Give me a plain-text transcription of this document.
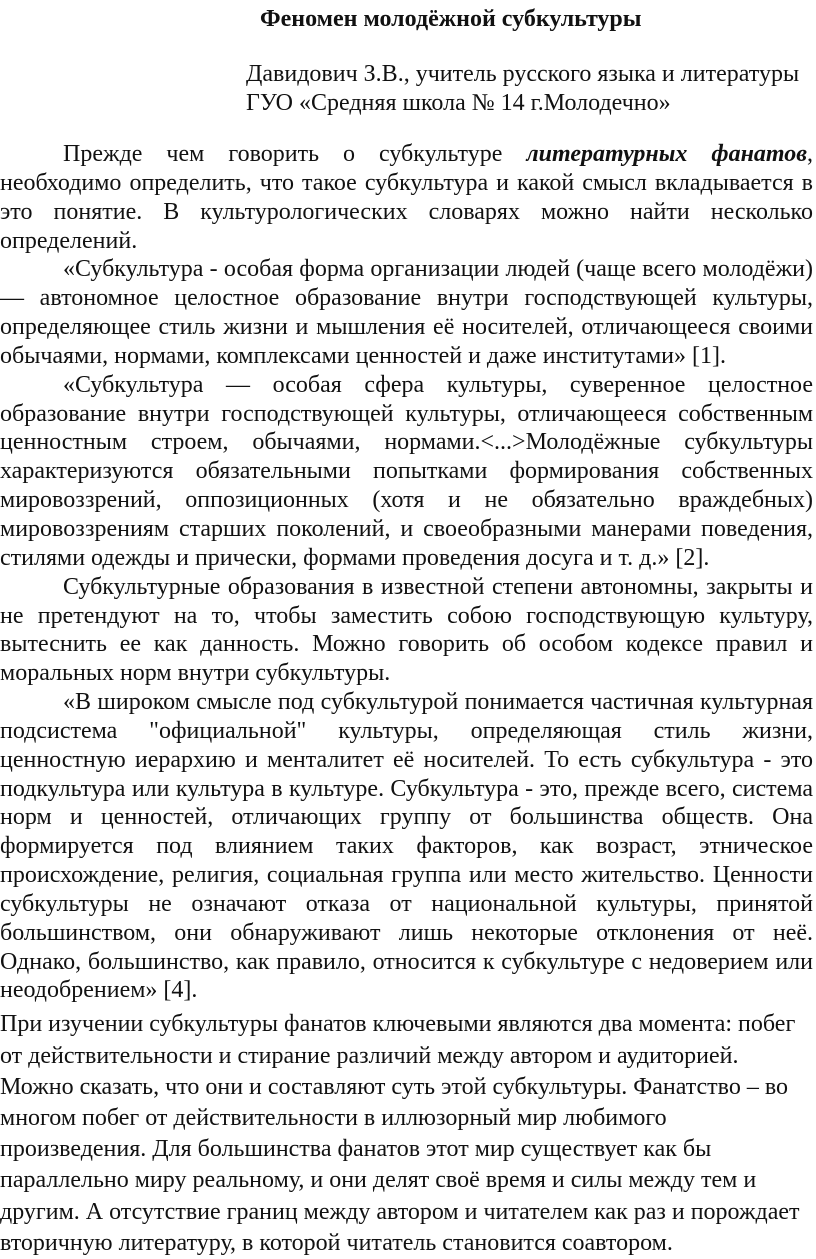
Феномен молодёжной субкультуры
Давидович З.В., учитель русского языка и литературы
ГУО «Средняя школа № 14 г.Молодечно»

Прежде чем говорить о субкультуре литературных фанатов, необходимо определить, что такое субкультура и какой смысл вкладывается в это понятие. В культурологических словарях можно найти несколько определений.

«Субкультура - особая форма организации людей (чаще всего молодёжи) — автономное целостное образование внутри господствующей культуры, определяющее стиль жизни и мышления её носителей, отличающееся своими обычаями, нормами, комплексами ценностей и даже институтами» [1].

«Субкультура — особая сфера культуры, суверенное целостное образование внутри господствующей культуры, отличающееся собственным ценностным строем, обычаями, нормами.<...>Молодёжные субкультуры характеризуются обязательными попытками формирования собственных мировоззрений, оппозиционных (хотя и не обязательно враждебных) мировоззрениям старших поколений, и своеобразными манерами поведения, стилями одежды и прически, формами проведения досуга и т. д.» [2].

Субкультурные образования в известной степени автономны, закрыты и не претендуют на то, чтобы заместить собою господствующую культуру, вытеснить ее как данность. Можно говорить об особом кодексе правил и моральных норм внутри субкультуры.

«В широком смысле под субкультурой понимается частичная культурная подсистема "официальной" культуры, определяющая стиль жизни, ценностную иерархию и менталитет её носителей. То есть субкультура - это подкультура или культура в культуре. Субкультура - это, прежде всего, система норм и ценностей, отличающих группу от большинства обществ. Она формируется под влиянием таких факторов, как возраст, этническое происхождение, религия, социальная группа или место жительство. Ценности субкультуры не означают отказа от национальной культуры, принятой большинством, они обнаруживают лишь некоторые отклонения от неё. Однако, большинство, как правило, относится к субкультуре с недоверием или неодобрением» [4].

При изучении субкультуры фанатов ключевыми являются два момента: побег от действительности и стирание различий между автором и аудиторией. Можно сказать, что они и составляют суть этой субкультуры. Фанатство – во многом побег от действительности в иллюзорный мир любимого произведения. Для большинства фанатов этот мир существует как бы параллельно миру реальному, и они делят своё время и силы между тем и другим. А отсутствие границ между автором и читателем как раз и порождает вторичную литературу, в которой читатель становится соавтором.
